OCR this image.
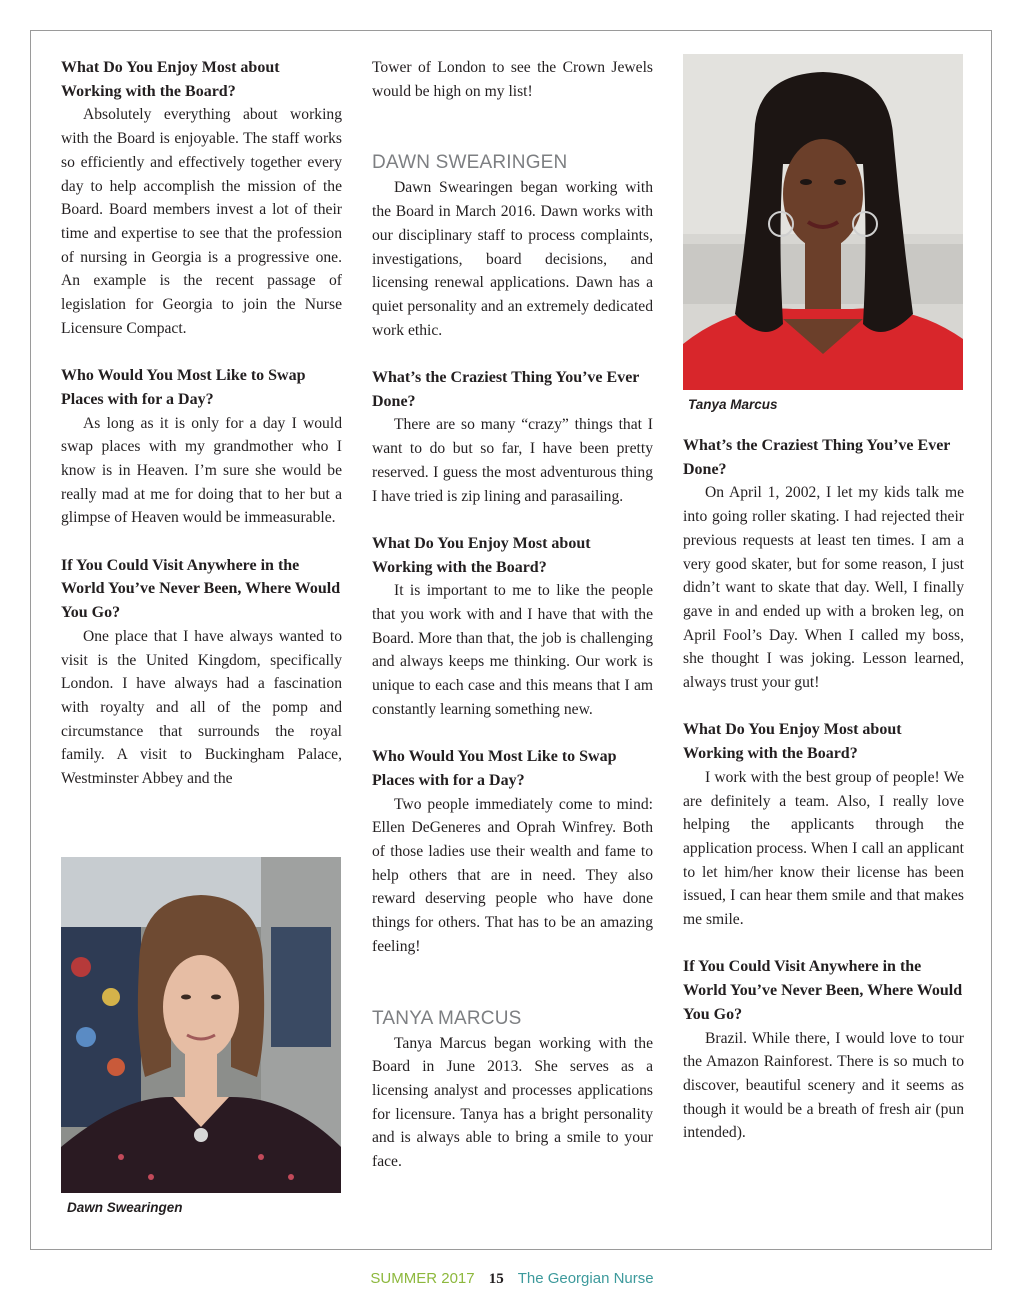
What Do You Enjoy Most about Working with the Board?

Absolutely everything about working with the Board is enjoyable. The staff works so efficiently and effectively together every day to help accomplish the mission of the Board. Board members invest a lot of their time and expertise to see that the profession of nursing in Georgia is a progressive one. An example is the recent passage of legislation for Georgia to join the Nurse Licensure Compact.

Who Would You Most Like to Swap Places with for a Day?

As long as it is only for a day I would swap places with my grandmother who I know is in Heaven. I’m sure she would be really mad at me for doing that to her but a glimpse of Heaven would be immeasurable.

If You Could Visit Anywhere in the World You’ve Never Been, Where Would You Go?

One place that I have always wanted to visit is the United Kingdom, specifically London. I have always had a fascination with royalty and all of the pomp and circumstance that surrounds the royal family. A visit to Buckingham Palace, Westminster Abbey and the

Tower of London to see the Crown Jewels would be high on my list!

DAWN SWEARINGEN

Dawn Swearingen began working with the Board in March 2016. Dawn works with our disciplinary staff to process complaints, investigations, board decisions, and licensing renewal applications. Dawn has a quiet personality and an extremely dedicated work ethic.

What’s the Craziest Thing You’ve Ever Done?

There are so many “crazy” things that I want to do but so far, I have been pretty reserved. I guess the most adventurous thing I have tried is zip lining and parasailing.

What Do You Enjoy Most about Working with the Board?

It is important to me to like the people that you work with and I have that with the Board. More than that, the job is challenging and always keeps me thinking. Our work is unique to each case and this means that I am constantly learning something new.

Who Would You Most Like to Swap Places with for a Day?

Two people immediately come to mind: Ellen DeGeneres and Oprah Winfrey. Both of those ladies use their wealth and fame to help others that are in need. They also reward deserving people who have done things for others. That has to be an amazing feeling!

TANYA MARCUS

Tanya Marcus began working with the Board in June 2013. She serves as a licensing analyst and processes applications for licensure. Tanya has a bright personality and is always able to bring a smile to your face.

What’s the Craziest Thing You’ve Ever Done?

On April 1, 2002, I let my kids talk me into going roller skating. I had rejected their previous requests at least ten times. I am a very good skater, but for some reason, I just didn’t want to skate that day. Well, I finally gave in and ended up with a broken leg, on April Fool’s Day. When I called my boss, she thought I was joking. Lesson learned, always trust your gut!

What Do You Enjoy Most about Working with the Board?

I work with the best group of people! We are definitely a team. Also, I really love helping the applicants through the application process. When I call an applicant to let him/her know their license has been issued, I can hear them smile and that makes me smile.

If You Could Visit Anywhere in the World You’ve Never Been, Where Would You Go?

Brazil. While there, I would love to tour the Amazon Rainforest. There is so much to discover, beautiful scenery and it seems as though it would be a breath of fresh air (pun intended).

Tanya Marcus
Dawn Swearingen
SUMMER 2017 15 The Georgian Nurse
